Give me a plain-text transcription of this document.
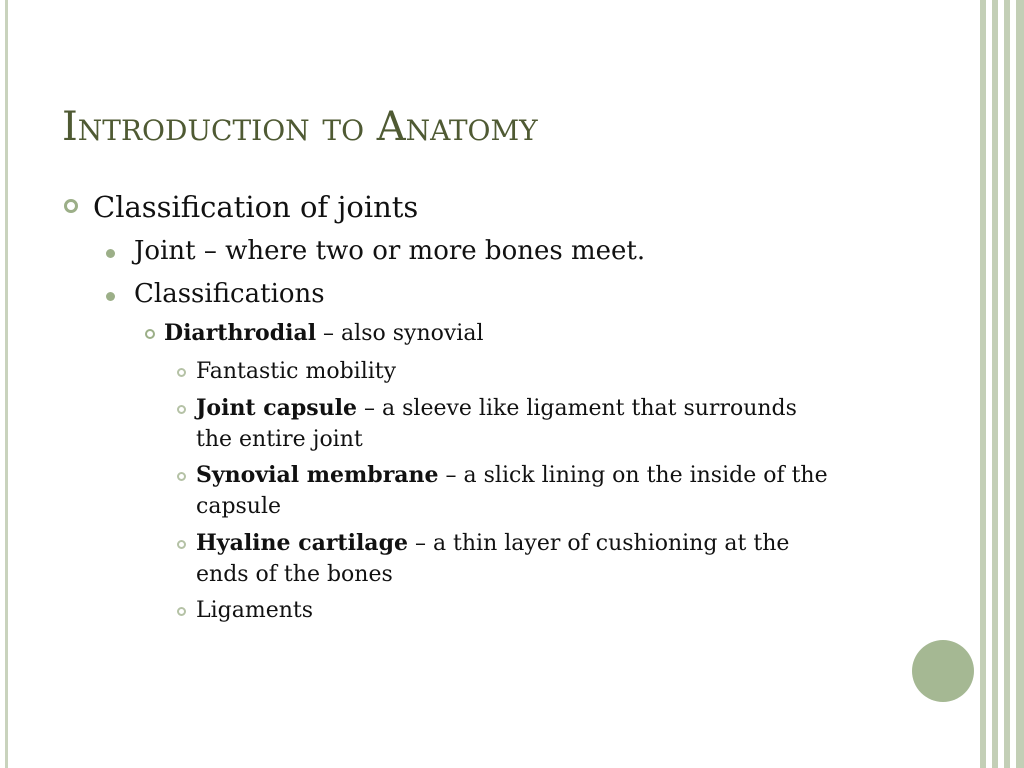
Introduction to Anatomy
Classification of joints
Joint – where two or more bones meet.
Classifications
Diarthrodial – also synovial
Fantastic mobility
Joint capsule – a sleeve like ligament that surrounds
the entire joint
Synovial membrane – a slick lining on the inside of the
capsule
Hyaline cartilage – a thin layer of cushioning at the
ends of the bones
Ligaments
